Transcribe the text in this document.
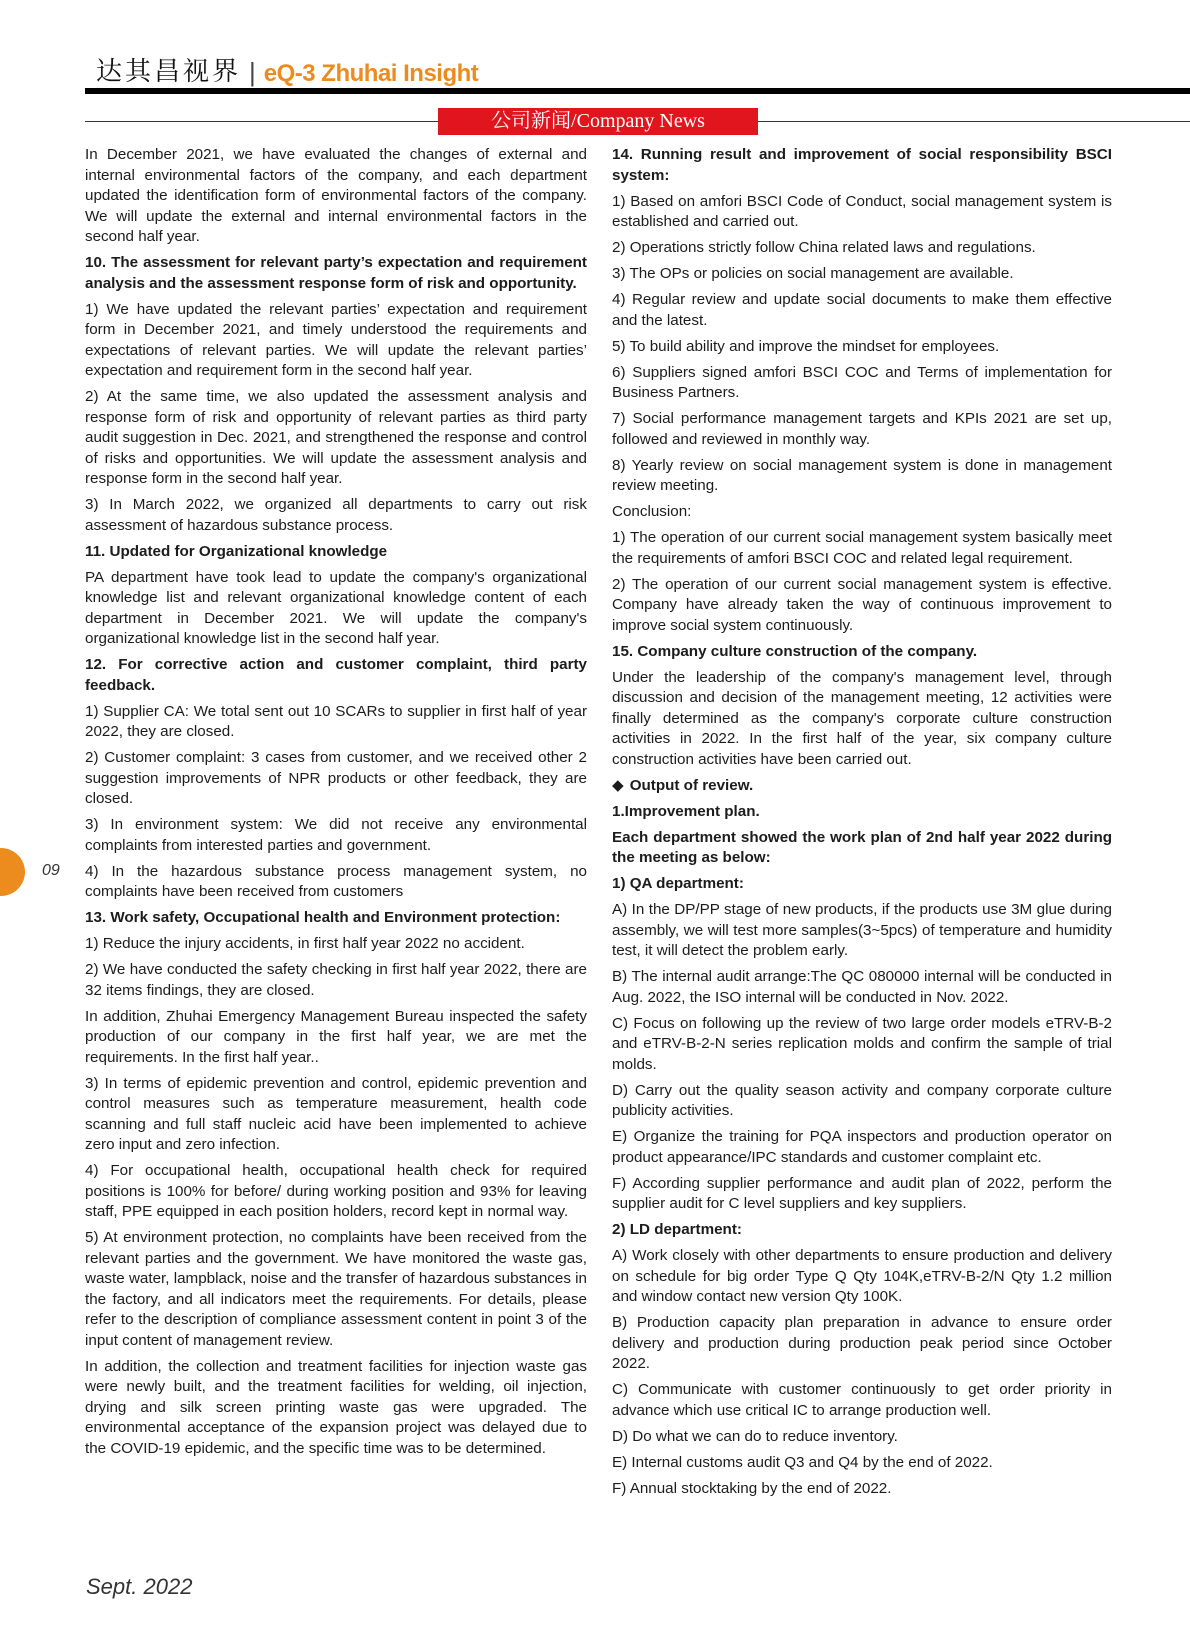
达其昌视界 | eQ-3 Zhuhai Insight
公司新闻/Company News

In December 2021, we have evaluated the changes of external and internal environmental factors of the company, and each department updated the identification form of environmental factors of the company. We will update the external and internal environmental factors in the second half year.

10. The assessment for relevant party’s expectation and requirement analysis and the assessment response form of risk and opportunity.

1) We have updated the relevant parties’ expectation and requirement form in December 2021, and timely understood the requirements and expectations of relevant parties. We will update the relevant parties’ expectation and requirement form in the second half year.

2) At the same time, we also updated the assessment analysis and response form of risk and opportunity of relevant parties as third party audit suggestion in Dec. 2021, and strengthened the response and control of risks and opportunities. We will update the assessment analysis and response form in the second half year.

3) In March 2022, we organized all departments to carry out risk assessment of hazardous substance process.

11. Updated for Organizational knowledge

PA department have took lead to update the company's organizational knowledge list and relevant organizational knowledge content of each department in December 2021. We will update the company's organizational knowledge list in the second half year.

12. For corrective action and customer complaint, third party feedback.

1) Supplier CA: We total sent out 10 SCARs to supplier in first half of year 2022, they are closed.

2) Customer complaint: 3 cases from customer, and we received other 2 suggestion improvements of NPR products or other feedback, they are closed.

3) In environment system: We did not receive any environmental complaints from interested parties and government.

4) In the hazardous substance process management system, no complaints have been received from customers

13. Work safety, Occupational health and Environment protection:

1) Reduce the injury accidents, in first half year 2022 no accident.

2) We have conducted the safety checking in first half year 2022, there are 32 items findings, they are closed.

In addition, Zhuhai Emergency Management Bureau inspected the safety production of our company in the first half year, we are met the requirements. In the first half year..

3) In terms of epidemic prevention and control, epidemic prevention and control measures such as temperature measurement, health code scanning and full staff nucleic acid have been implemented to achieve zero input and zero infection.

4) For occupational health, occupational health check for required positions is 100% for before/ during working position and 93% for leaving staff, PPE equipped in each position holders, record kept in normal way.

5) At environment protection, no complaints have been received from the relevant parties and the government. We have monitored the waste gas, waste water, lampblack, noise and the transfer of hazardous substances in the factory, and all indicators meet the requirements. For details, please refer to the description of compliance assessment content in point 3 of the input content of management review.

In addition, the collection and treatment facilities for injection waste gas were newly built, and the treatment facilities for welding, oil injection, drying and silk screen printing waste gas were upgraded. The environmental acceptance of the expansion project was delayed due to the COVID-19 epidemic, and the specific time was to be determined.

14. Running result and improvement of social responsibility BSCI system:

1) Based on amfori BSCI Code of Conduct, social management system is established and carried out.

2) Operations strictly follow China related laws and regulations.

3) The OPs or policies on social management are available.

4) Regular review and update social documents to make them effective and the latest.

5) To build ability and improve the mindset for employees.

6) Suppliers signed amfori BSCI COC and Terms of implementation for Business Partners.

7) Social performance management targets and KPIs 2021 are set up, followed and reviewed in monthly way.

8) Yearly review on social management system is done in management review meeting.

Conclusion:

1) The operation of our current social management system basically meet the requirements of amfori BSCI COC and related legal requirement.

2) The operation of our current social management system is effective. Company have already taken the way of continuous improvement to improve social system continuously.

15. Company culture construction of the company.

Under the leadership of the company's management level, through discussion and decision of the management meeting, 12 activities were finally determined as the company's corporate culture construction activities in 2022. In the first half of the year, six company culture construction activities have been carried out.

◆ Output of review.

1.Improvement plan.

Each department showed the work plan of 2nd half year 2022 during the meeting as below:

1) QA department:

A) In the DP/PP stage of new products, if the products use 3M glue during assembly, we will test more samples(3~5pcs) of temperature and humidity test, it will detect the problem early.

B) The internal audit arrange:The QC 080000 internal will be conducted in Aug. 2022, the ISO internal will be conducted in Nov. 2022.

C) Focus on following up the review of two large order models eTRV-B-2 and eTRV-B-2-N series replication molds and confirm the sample of trial molds.

D) Carry out the quality season activity and company corporate culture publicity activities.

E) Organize the training for PQA inspectors and production operator on product appearance/IPC standards and customer complaint etc.

F) According supplier performance and audit plan of 2022, perform the supplier audit for C level suppliers and key suppliers.

2) LD department:

A) Work closely with other departments to ensure production and delivery on schedule for big order Type Q Qty 104K,eTRV-B-2/N Qty 1.2 million and window contact new version Qty 100K.

B) Production capacity plan preparation in advance to ensure order delivery and production during production peak period since October 2022.

C) Communicate with customer continuously to get order priority in advance which use critical IC to arrange production well.

D) Do what we can do to reduce inventory.

E) Internal customs audit Q3 and Q4 by the end of 2022.

F) Annual stocktaking by the end of 2022.

09
Sept. 2022
